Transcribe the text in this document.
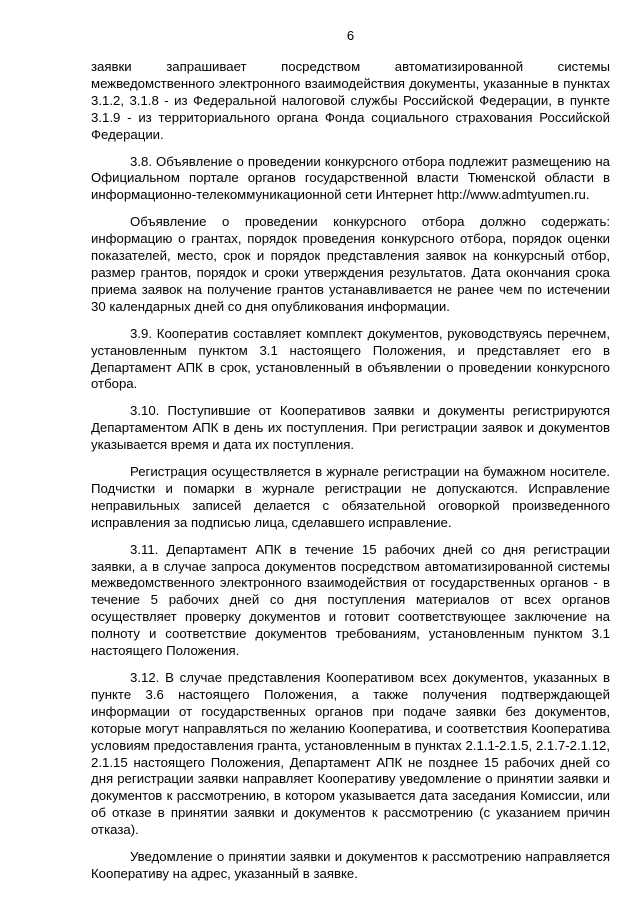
6

заявки запрашивает посредством автоматизированной системы межведомственного электронного взаимодействия документы, указанные в пунктах 3.1.2, 3.1.8 - из Федеральной налоговой службы Российской Федерации, в пункте 3.1.9 - из территориального органа Фонда социального страхования Российской Федерации.

3.8. Объявление о проведении конкурсного отбора подлежит размещению на Официальном портале органов государственной власти Тюменской области в информационно-телекоммуникационной сети Интернет http://www.admtyumen.ru.

Объявление о проведении конкурсного отбора должно содержать: информацию о грантах, порядок проведения конкурсного отбора, порядок оценки показателей, место, срок и порядок представления заявок на конкурсный отбор, размер грантов, порядок и сроки утверждения результатов. Дата окончания срока приема заявок на получение грантов устанавливается не ранее чем по истечении 30 календарных дней со дня опубликования информации.

3.9. Кооператив составляет комплект документов, руководствуясь перечнем, установленным пунктом 3.1 настоящего Положения, и представляет его в Департамент АПК в срок, установленный в объявлении о проведении конкурсного отбора.

3.10. Поступившие от Кооперативов заявки и документы регистрируются Департаментом АПК в день их поступления. При регистрации заявок и документов указывается время и дата их поступления.

Регистрация осуществляется в журнале регистрации на бумажном носителе. Подчистки и помарки в журнале регистрации не допускаются. Исправление неправильных записей делается с обязательной оговоркой произведенного исправления за подписью лица, сделавшего исправление.

3.11. Департамент АПК в течение 15 рабочих дней со дня регистрации заявки, а в случае запроса документов посредством автоматизированной системы межведомственного электронного взаимодействия от государственных органов - в течение 5 рабочих дней со дня поступления материалов от всех органов осуществляет проверку документов и готовит соответствующее заключение на полноту и соответствие документов требованиям, установленным пунктом 3.1 настоящего Положения.

3.12. В случае представления Кооперативом всех документов, указанных в пункте 3.6 настоящего Положения, а также получения подтверждающей информации от государственных органов при подаче заявки без документов, которые могут направляться по желанию Кооператива, и соответствия Кооператива условиям предоставления гранта, установленным в пунктах 2.1.1-2.1.5, 2.1.7-2.1.12, 2.1.15 настоящего Положения, Департамент АПК не позднее 15 рабочих дней со дня регистрации заявки направляет Кооперативу уведомление о принятии заявки и документов к рассмотрению, в котором указывается дата заседания Комиссии, или об отказе в принятии заявки и документов к рассмотрению (с указанием причин отказа).

Уведомление о принятии заявки и документов к рассмотрению направляется Кооперативу на адрес, указанный в заявке.
